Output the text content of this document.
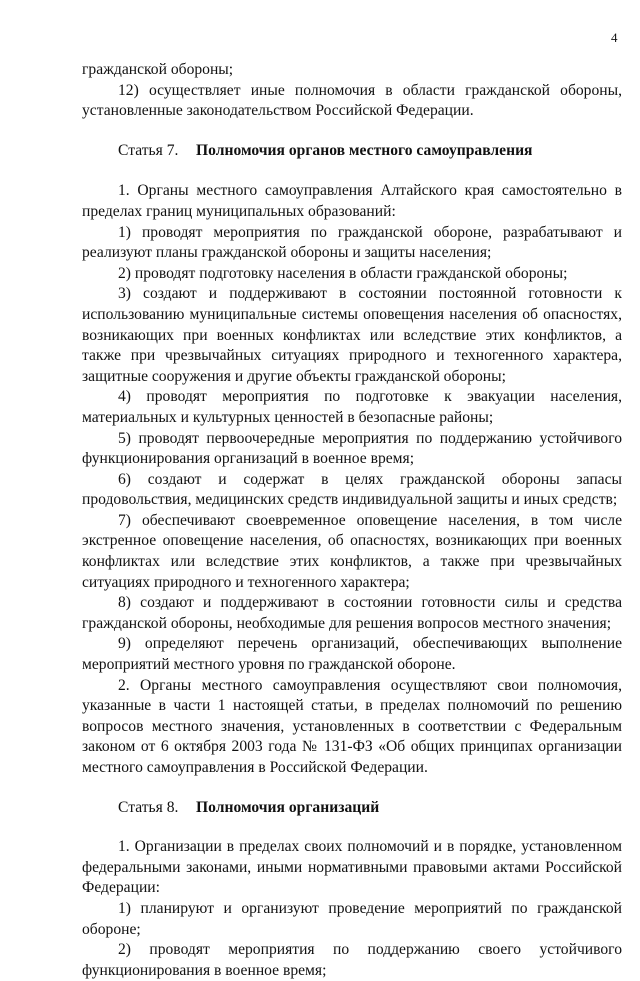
4

гражданской обороны;

12) осуществляет иные полномочия в области гражданской обороны, установленные законодательством Российской Федерации.

Статья 7.	Полномочия органов местного самоуправления

1. Органы местного самоуправления Алтайского края самостоятельно в пределах границ муниципальных образований:

1) проводят мероприятия по гражданской обороне, разрабатывают и реализуют планы гражданской обороны и защиты населения;

2) проводят подготовку населения в области гражданской обороны;

3) создают и поддерживают в состоянии постоянной готовности к использованию муниципальные системы оповещения населения об опасностях, возникающих при военных конфликтах или вследствие этих конфликтов, а также при чрезвычайных ситуациях природного и техногенного характера, защитные сооружения и другие объекты гражданской обороны;

4) проводят мероприятия по подготовке к эвакуации населения, материальных и культурных ценностей в безопасные районы;

5) проводят первоочередные мероприятия по поддержанию устойчивого функционирования организаций в военное время;

6) создают и содержат в целях гражданской обороны запасы продовольствия, медицинских средств индивидуальной защиты и иных средств;

7) обеспечивают своевременное оповещение населения, в том числе экстренное оповещение населения, об опасностях, возникающих при военных конфликтах или вследствие этих конфликтов, а также при чрезвычайных ситуациях природного и техногенного характера;

8) создают и поддерживают в состоянии готовности силы и средства гражданской обороны, необходимые для решения вопросов местного значения;

9) определяют перечень организаций, обеспечивающих выполнение мероприятий местного уровня по гражданской обороне.

2. Органы местного самоуправления осуществляют свои полномочия, указанные в части 1 настоящей статьи, в пределах полномочий по решению вопросов местного значения, установленных в соответствии с Федеральным законом от 6 октября 2003 года № 131-ФЗ «Об общих принципах организации местного самоуправления в Российской Федерации.

Статья 8.	Полномочия организаций

1. Организации в пределах своих полномочий и в порядке, установленном федеральными законами, иными нормативными правовыми актами Российской Федерации:

1) планируют и организуют проведение мероприятий по гражданской обороне;

2) проводят мероприятия по поддержанию своего устойчивого функционирования в военное время;
